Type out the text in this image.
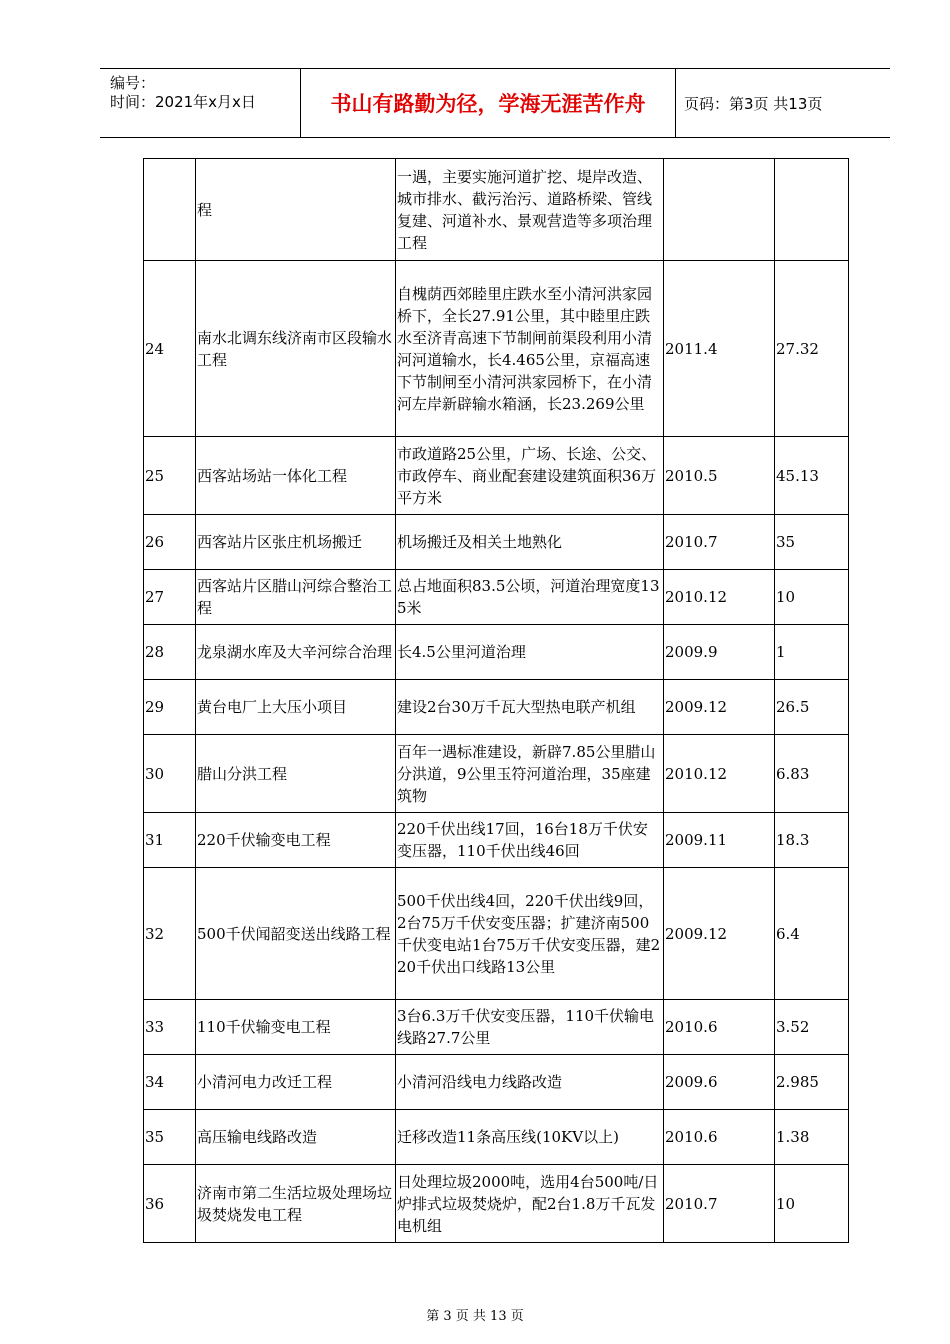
编号：
时间：2021年x月x日	书山有路勤为径，学海无涯苦作舟	页码：第3页 共13页
	程	一遇，主要实施河道扩挖、堤岸改造、城市排水、截污治污、道路桥梁、管线复建、河道补水、景观营造等多项治理工程		
24	南水北调东线济南市区段输水工程	自槐荫西郊睦里庄跌水至小清河洪家园桥下，全长27.91公里，其中睦里庄跌水至济青高速下节制闸前渠段利用小清河河道输水，长4.465公里，京福高速下节制闸至小清河洪家园桥下，在小清河左岸新辟输水箱涵，长23.269公里	2011.4	27.32
25	西客站场站一体化工程	市政道路25公里，广场、长途、公交、市政停车、商业配套建设建筑面积36万平方米	2010.5	45.13
26	西客站片区张庄机场搬迁	机场搬迁及相关土地熟化	2010.7	35
27	西客站片区腊山河综合整治工程	总占地面积83.5公顷，河道治理宽度135米	2010.12	10
28	龙泉湖水库及大辛河综合治理	长4.5公里河道治理	2009.9	1
29	黄台电厂上大压小项目	建设2台30万千瓦大型热电联产机组	2009.12	26.5
30	腊山分洪工程	百年一遇标准建设，新辟7.85公里腊山分洪道，9公里玉符河道治理，35座建筑物	2010.12	6.83
31	220千伏输变电工程	220千伏出线17回，16台18万千伏安变压器，110千伏出线46回	2009.11	18.3
32	500千伏闻韶变送出线路工程	500千伏出线4回，220千伏出线9回，2台75万千伏安变压器；扩建济南500千伏变电站1台75万千伏安变压器，建220千伏出口线路13公里	2009.12	6.4
33	110千伏输变电工程	3台6.3万千伏安变压器，110千伏输电线路27.7公里	2010.6	3.52
34	小清河电力改迁工程	小清河沿线电力线路改造	2009.6	2.985
35	高压输电线路改造	迁移改造11条高压线(10KV以上)	2010.6	1.38
36	济南市第二生活垃圾处理场垃圾焚烧发电工程	日处理垃圾2000吨，选用4台500吨/日炉排式垃圾焚烧炉，配2台1.8万千瓦发电机组	2010.7	10
第 3 页 共 13 页
